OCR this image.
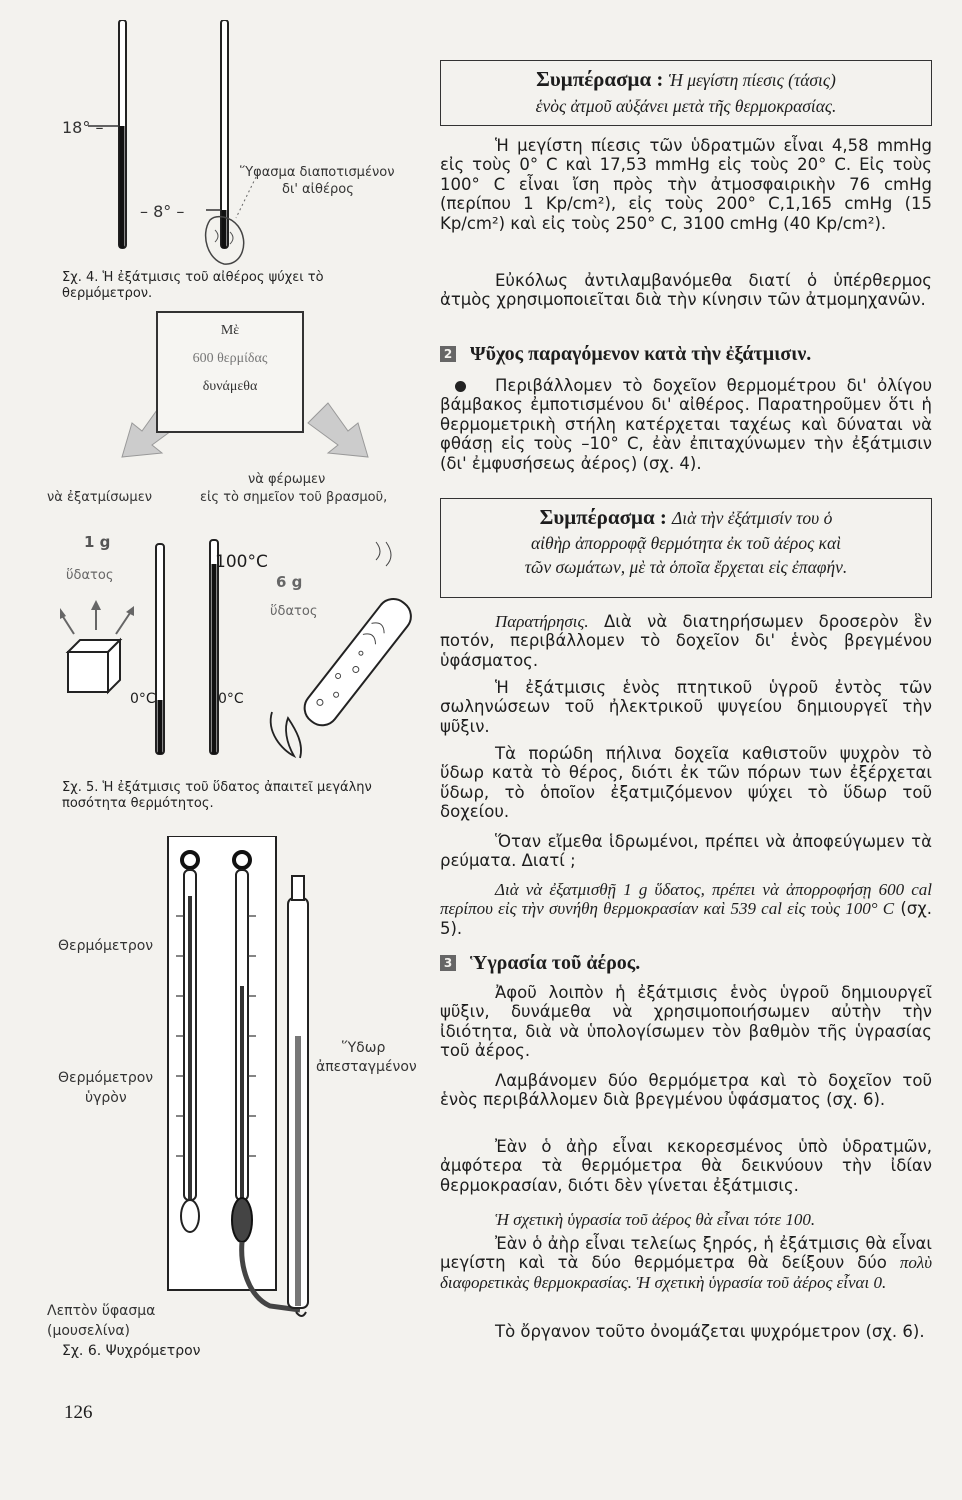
18° –
– 8° –
Ὕφασμα διαποτισμένον
δι' αἰθέρος
Σχ. 4. Ἡ ἐξάτμισις τοῦ αἰθέρος ψύχει τὸ θερμόμετρον.
Μὲ
600 θερμίδας
δυνάμεθα
νὰ ἐξατμίσωμεν
νὰ φέρωμεν
εἰς τὸ σημεῖον τοῦ βρασμοῦ,
1 g
ὕδατος
100°C
6 g
ὕδατος
0°C	0°C
Σχ. 5. Ἡ ἐξάτμισις τοῦ ὕδατος ἀπαιτεῖ μεγάλην ποσότητα θερμότητος.
Θερμόμετρον
Ὕδωρ
ἀπεσταγμένον
Θερμόμετρον
ὑγρὸν
Λεπτὸν ὕφασμα
(μουσελίνα)
Σχ. 6. Ψυχρόμετρον
126
Συμπέρασμα : Ἡ μεγίστη πίεσις (τάσις)
ἑνὸς ἀτμοῦ αὐξάνει μετὰ τῆς θερμοκρασίας.
Ἡ μεγίστη πίεσις τῶν ὑδρατμῶν εἶναι 4,58 mmHg εἰς τοὺς 0° C καὶ 17,53 mmHg εἰς τοὺς 20° C. Εἰς τοὺς 100° C εἶναι ἴση πρὸς τὴν ἀτμοσφαιρικὴν 76 cmHg (περίπου 1 Kp/cm²), εἰς τοὺς 200° C,1,165 cmHg (15 Kp/cm²) καὶ εἰς τοὺς 250° C, 3100 cmHg (40 Kp/cm²).
Εὐκόλως ἀντιλαμβανόμεθα διατί ὁ ὑπέρθερμος ἀτμὸς χρησιμοποιεῖται διὰ τὴν κίνησιν τῶν ἀτμομηχανῶν.
2 Ψῦχος παραγόμενον κατὰ τὴν ἐξάτμισιν.
Περιβάλλομεν τὸ δοχεῖον θερμομέτρου δι' ὀλίγου βάμβακος ἐμποτισμένου δι' αἰθέρος. Παρατηροῦμεν ὅτι ἡ θερμομετρικὴ στήλη κατέρχεται ταχέως καὶ δύναται νὰ φθάσῃ εἰς τοὺς –10° C, ἐὰν ἐπιταχύνωμεν τὴν ἐξάτμισιν (δι' ἐμφυσήσεως ἀέρος) (σχ. 4).
Συμπέρασμα : Διὰ τὴν ἐξάτμισίν του ὁ
αἰθὴρ ἀπορροφᾷ θερμότητα ἐκ τοῦ ἀέρος καὶ
τῶν σωμάτων, μὲ τὰ ὁποῖα ἔρχεται εἰς ἐπαφήν.
Παρατήρησις. Διὰ νὰ διατηρήσωμεν δροσερὸν ἓν ποτόν, περιβάλλομεν τὸ δοχεῖον δι' ἑνὸς βρεγμένου ὑφάσματος.
Ἡ ἐξάτμισις ἑνὸς πτητικοῦ ὑγροῦ ἐντὸς τῶν σωληνώσεων τοῦ ἠλεκτρικοῦ ψυγείου δημιουργεῖ τὴν ψῦξιν.
Τὰ πορώδη πήλινα δοχεῖα καθιστοῦν ψυχρὸν τὸ ὕδωρ κατὰ τὸ θέρος, διότι ἐκ τῶν πόρων των ἐξέρχεται ὕδωρ, τὸ ὁποῖον ἐξατμιζόμενον ψύχει τὸ ὕδωρ τοῦ δοχείου.
Ὅταν εἴμεθα ἱδρωμένοι, πρέπει νὰ ἀποφεύγωμεν τὰ ρεύματα. Διατί ;
Διὰ νὰ ἐξατμισθῇ 1 g ὕδατος, πρέπει νὰ ἀπορροφήσῃ 600 cal περίπου εἰς τὴν συνήθη θερμοκρασίαν καὶ 539 cal εἰς τοὺς 100° C (σχ. 5).
3 Ὑγρασία τοῦ ἀέρος.
Ἀφοῦ λοιπὸν ἡ ἐξάτμισις ἑνὸς ὑγροῦ δημιουργεῖ ψῦξιν, δυνάμεθα νὰ χρησιμοποιήσωμεν αὐτὴν τὴν ἰδιότητα, διὰ νὰ ὑπολογίσωμεν τὸν βαθμὸν τῆς ὑγρασίας τοῦ ἀέρος.
Λαμβάνομεν δύο θερμόμετρα καὶ τὸ δοχεῖον τοῦ ἑνὸς περιβάλλομεν διὰ βρεγμένου ὑφάσματος (σχ. 6).
Ἐὰν ὁ ἀὴρ εἶναι κεκορεσμένος ὑπὸ ὑδρατμῶν, ἀμφότερα τὰ θερμόμετρα θὰ δεικνύουν τὴν ἰδίαν θερμοκρασίαν, διότι δὲν γίνεται ἐξάτμισις.
Ἡ σχετικὴ ὑγρασία τοῦ ἀέρος θὰ εἶναι τότε 100.
Ἐὰν ὁ ἀὴρ εἶναι τελείως ξηρός, ἡ ἐξάτμισις θὰ εἶναι μεγίστη καὶ τὰ δύο θερμόμετρα θὰ δείξουν δύο πολὺ διαφορετικὰς θερμοκρασίας. Ἡ σχετικὴ ὑγρασία τοῦ ἀέρος εἶναι 0.
Τὸ ὄργανον τοῦτο ὀνομάζεται ψυχρόμετρον (σχ. 6).
